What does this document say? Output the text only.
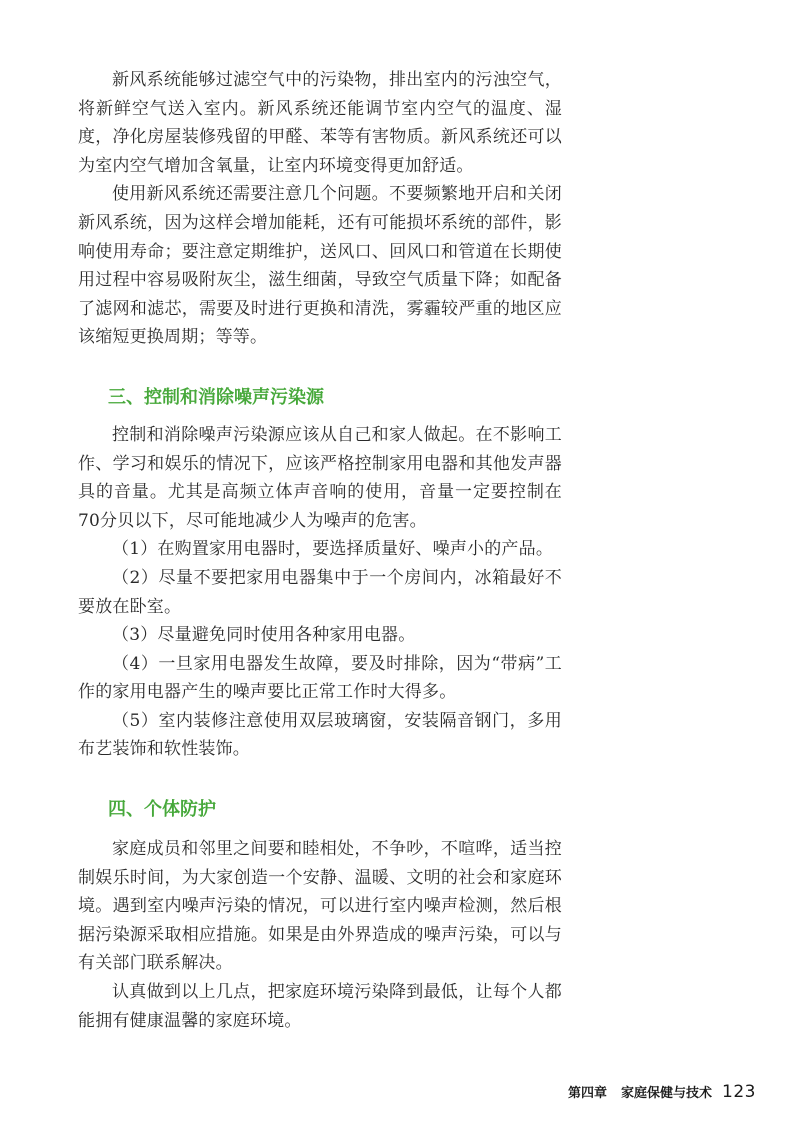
新风系统能够过滤空气中的污染物，排出室内的污浊空气，将新鲜空气送入室内。新风系统还能调节室内空气的温度、湿度，净化房屋装修残留的甲醛、苯等有害物质。新风系统还可以为室内空气增加含氧量，让室内环境变得更加舒适。

使用新风系统还需要注意几个问题。不要频繁地开启和关闭新风系统，因为这样会增加能耗，还有可能损坏系统的部件，影响使用寿命；要注意定期维护，送风口、回风口和管道在长期使用过程中容易吸附灰尘，滋生细菌，导致空气质量下降；如配备了滤网和滤芯，需要及时进行更换和清洗，雾霾较严重的地区应该缩短更换周期；等等。

三、控制和消除噪声污染源

控制和消除噪声污染源应该从自己和家人做起。在不影响工作、学习和娱乐的情况下，应该严格控制家用电器和其他发声器具的音量。尤其是高频立体声音响的使用，音量一定要控制在70分贝以下，尽可能地减少人为噪声的危害。

（1）在购置家用电器时，要选择质量好、噪声小的产品。

（2）尽量不要把家用电器集中于一个房间内，冰箱最好不要放在卧室。

（3）尽量避免同时使用各种家用电器。

（4）一旦家用电器发生故障，要及时排除，因为“带病”工作的家用电器产生的噪声要比正常工作时大得多。

（5）室内装修注意使用双层玻璃窗，安装隔音钢门，多用布艺装饰和软性装饰。

四、个体防护

家庭成员和邻里之间要和睦相处，不争吵，不喧哗，适当控制娱乐时间，为大家创造一个安静、温暖、文明的社会和家庭环境。遇到室内噪声污染的情况，可以进行室内噪声检测，然后根据污染源采取相应措施。如果是由外界造成的噪声污染，可以与有关部门联系解决。

认真做到以上几点，把家庭环境污染降到最低，让每个人都能拥有健康温馨的家庭环境。

第四章 家庭保健与技术 123
